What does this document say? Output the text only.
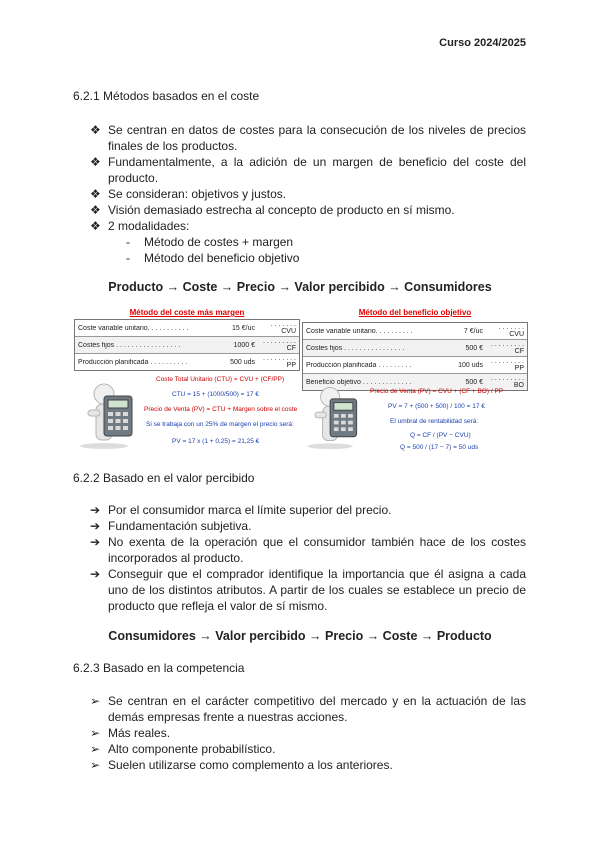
Curso 2024/2025
6.2.1 Métodos basados en el coste
❖ Se centran en datos de costes para la consecución de los niveles de precios finales de los productos.
❖ Fundamentalmente, a la adición de un margen de beneficio del coste del producto.
❖ Se consideran: objetivos y justos.
❖ Visión demasiado estrecha al concepto de producto en sí mismo.
❖ 2 modalidades:
- Método de costes + margen
- Método del beneficio objetivo
Producto → Coste → Precio → Valor percibido → Consumidores
Método del coste más margen
Coste variable unitario. . . . . . . . . . .	15 €/uc	. . . . . . . CVU
Costes fijos . . . . . . . . . . . . . . . . .	1000 €	. . . . . . . . . CF
Producción planificada . . . . . . . . . .	500 uds	. . . . . . . . . PP
Coste Total Unitario (CTU) = CVU + (CF/PP)
CTU = 15 + (1000/500) = 17 €
Precio de Venta (PV) = CTU + Margen sobre el coste
Si se trabaja con un 25% de margen el precio será:
PV = 17 x (1 + 0,25) = 21,25 €
Método del beneficio objetivo
Coste variable unitario. . . . . . . . . .	7 €/uc	. . . . . . . CVU
Costes fijos . . . . . . . . . . . . . . . .	500 €	. . . . . . . . . CF
Producción planificada . . . . . . . . .	100 uds	. . . . . . . . . PP
Beneficio objetivo . . . . . . . . . . . . .	500 €	. . . . . . . . . BO
Precio de Venta (PV) = CVU + (CF + BO) / PP
PV = 7 + (500 + 500) / 100 = 17 €
El umbral de rentabilidad será:
Q = CF / (PV − CVU)
Q = 500 / (17 − 7) = 50 uds
6.2.2 Basado en el valor percibido
➔ Por el consumidor marca el límite superior del precio.
➔ Fundamentación subjetiva.
➔ No exenta de la operación que el consumidor también hace de los costes incorporados al producto.
➔ Conseguir que el comprador identifique la importancia que él asigna a cada uno de los distintos atributos. A partir de los cuales se establece un precio de producto que refleja el valor de sí mismo.
Consumidores → Valor percibido → Precio → Coste → Producto
6.2.3 Basado en la competencia
➢ Se centran en el carácter competitivo del mercado y en la actuación de las demás empresas frente a nuestras acciones.
➢ Más reales.
➢ Alto componente probabilístico.
➢ Suelen utilizarse como complemento a los anteriores.
